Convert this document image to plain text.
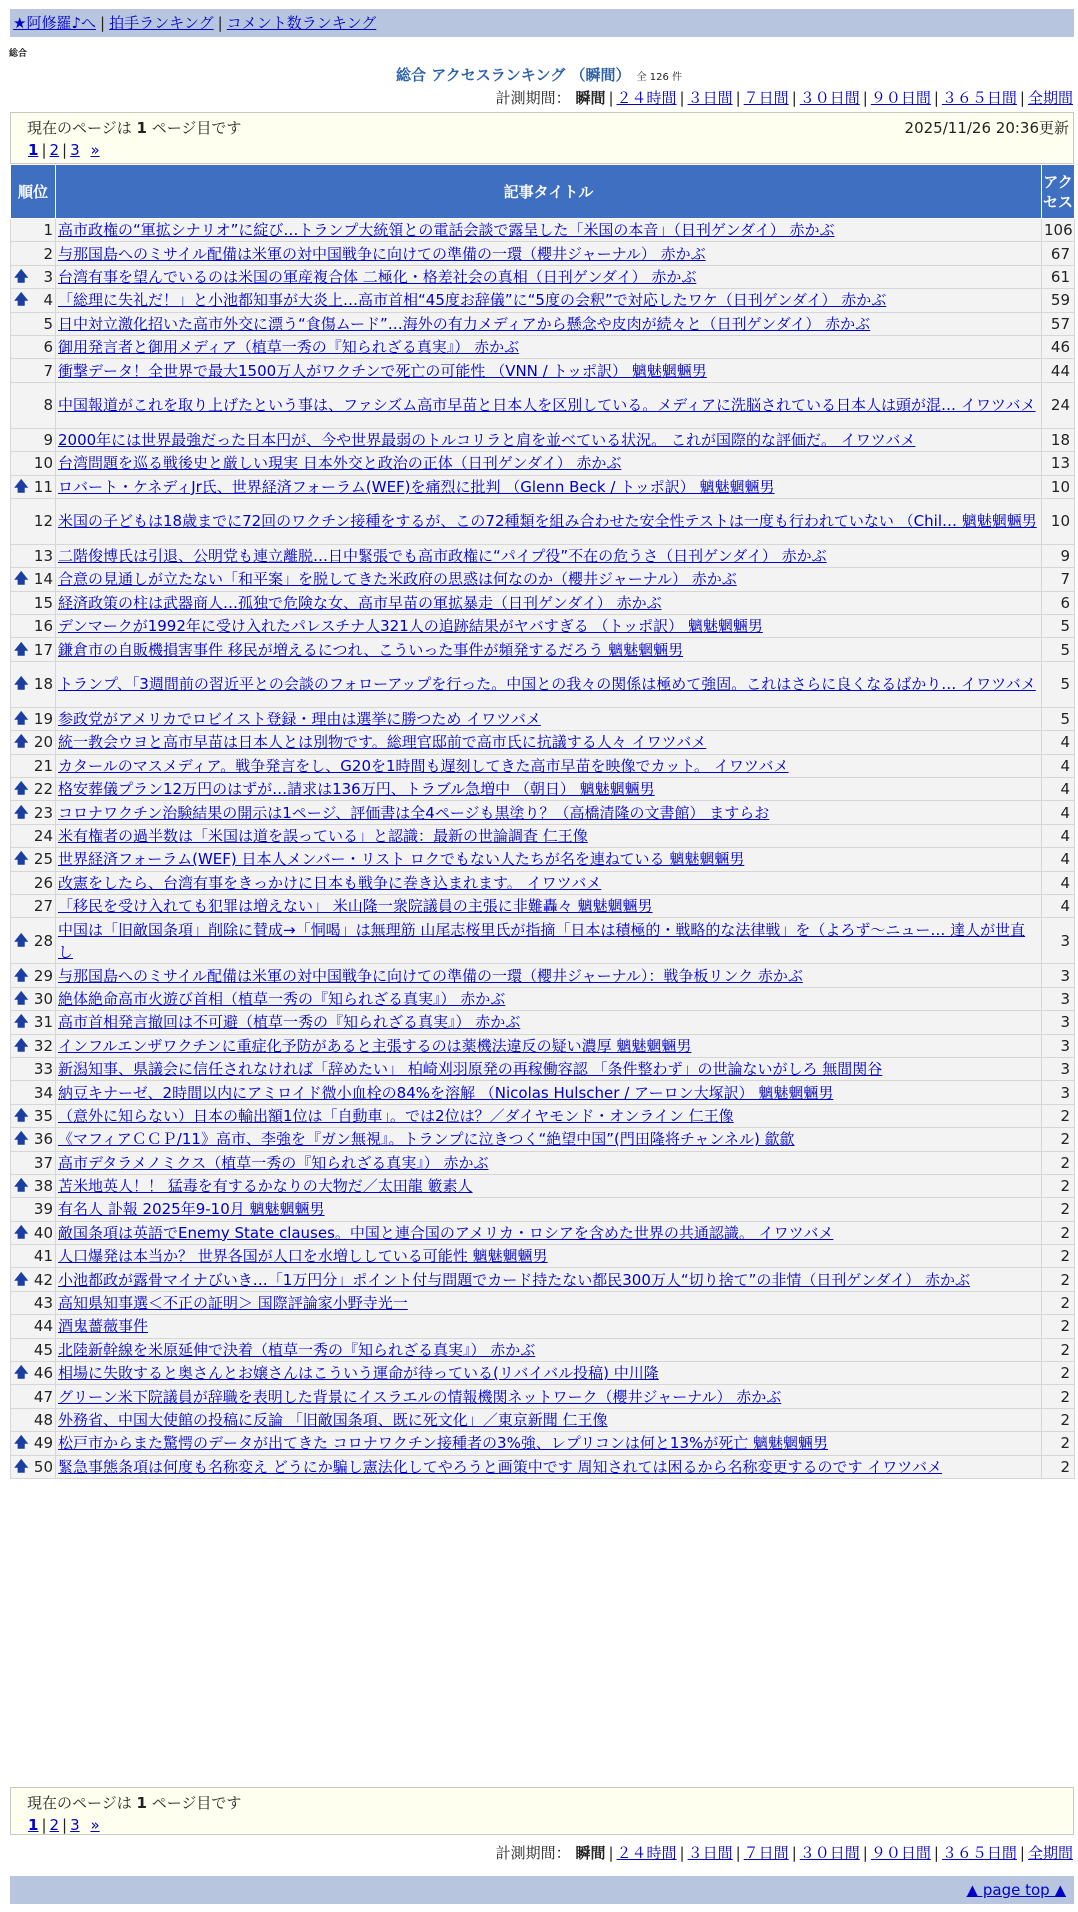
★阿修羅♪へ | 拍手ランキング | コメント数ランキング
総合
総合 アクセスランキング （瞬間） 全 126 件
計測期間： 瞬間 | ２４時間 | ３日間 | ７日間 | ３０日間 | ９０日間 | ３６５日間 | 全期間
現在のページは 1 ページ目です	2025/11/26 20:36更新
1 | 2 | 3 »
順位	記事タイトル	アクセス
1	高市政権の“軍拡シナリオ”に綻び…トランプ大統領との電話会談で露呈した「米国の本音」（日刊ゲンダイ） 赤かぶ	106
2	与那国島へのミサイル配備は米軍の対中国戦争に向けての準備の一環（櫻井ジャーナル） 赤かぶ	67

🡅 3	台湾有事を望んでいるのは米国の軍産複合体 二極化・格差社会の真相（日刊ゲンダイ） 赤かぶ	61

🡅 4	「総理に失礼だ！」と小池都知事が大炎上…高市首相“45度お辞儀”に“5度の会釈”で対応したワケ（日刊ゲンダイ） 赤かぶ	59
5	日中対立激化招いた高市外交に漂う“食傷ムード”…海外の有力メディアから懸念や皮肉が続々と（日刊ゲンダイ） 赤かぶ	57
6	御用発言者と御用メディア（植草一秀の『知られざる真実』） 赤かぶ	46
7	衝撃データ！全世界で最大1500万人がワクチンで死亡の可能性 （VNN / トッポ訳） 魑魅魍魎男	44
8	中国報道がこれを取り上げたという事は、ファシズム高市早苗と日本人を区別している。メディアに洗脳されている日本人は頭が混… イワツバメ	24
9	2000年には世界最強だった日本円が、今や世界最弱のトルコリラと肩を並べている状況。 これが国際的な評価だ。 イワツバメ	18
10	台湾問題を巡る戦後史と厳しい現実 日本外交と政治の正体（日刊ゲンダイ） 赤かぶ	13

🡅 11	ロバート・ケネディJr氏、世界経済フォーラム(WEF)を痛烈に批判 （Glenn Beck / トッポ訳） 魑魅魍魎男	10
12	米国の子どもは18歳までに72回のワクチン接種をするが、この72種類を組み合わせた安全性テストは一度も行われていない （Chil… 魑魅魍魎男	10
13	二階俊博氏は引退、公明党も連立離脱…日中緊張でも高市政権に“パイプ役”不在の危うさ（日刊ゲンダイ） 赤かぶ	9

🡅 14	合意の見通しが立たない「和平案」を脱してきた米政府の思惑は何なのか（櫻井ジャーナル） 赤かぶ	7
15	経済政策の柱は武器商人…孤独で危険な女、高市早苗の軍拡暴走（日刊ゲンダイ） 赤かぶ	6
16	デンマークが1992年に受け入れたパレスチナ人321人の追跡結果がヤバすぎる （トッポ訳） 魑魅魍魎男	5

🡅 17	鎌倉市の自販機損害事件 移民が増えるにつれ、こういった事件が頻発するだろう 魑魅魍魎男	5

🡅 18	トランプ、「3週間前の習近平との会談のフォローアップを行った。中国との我々の関係は極めて強固。これはさらに良くなるばかり… イワツバメ	5

🡅 19	参政党がアメリカでロビイスト登録・理由は選挙に勝つため イワツバメ	5

🡅 20	統一教会ウヨと高市早苗は日本人とは別物です。総理官邸前で高市氏に抗議する人々 イワツバメ	4
21	カタールのマスメディア。戦争発言をし、G20を1時間も遅刻してきた高市早苗を映像でカット。 イワツバメ	4

🡅 22	格安葬儀プラン12万円のはずが…請求は136万円、トラブル急増中 （朝日） 魑魅魍魎男	4

🡅 23	コロナワクチン治験結果の開示は1ページ、評価書は全4ページも黒塗り？（高橋清隆の文書館） ますらお	4
24	米有権者の過半数は「米国は道を誤っている」と認識：最新の世論調査 仁王像	4

🡅 25	世界経済フォーラム(WEF) 日本人メンバー・リスト ロクでもない人たちが名を連ねている 魑魅魍魎男	4
26	改憲をしたら、台湾有事をきっかけに日本も戦争に巻き込まれます。 イワツバメ	4
27	「移民を受け入れても犯罪は増えない」 米山隆一衆院議員の主張に非難轟々 魑魅魍魎男	4

🡅 28	中国は「旧敵国条項」削除に賛成→「恫喝」は無理筋 山尾志桜里氏が指摘「日本は積極的・戦略的な法律戦」を（よろず〜ニュー… 達人が世直し	3

🡅 29	与那国島へのミサイル配備は米軍の対中国戦争に向けての準備の一環（櫻井ジャーナル）：戦争板リンク 赤かぶ	3

🡅 30	絶体絶命高市火遊び首相（植草一秀の『知られざる真実』） 赤かぶ	3

🡅 31	高市首相発言撤回は不可避（植草一秀の『知られざる真実』） 赤かぶ	3

🡅 32	インフルエンザワクチンに重症化予防があると主張するのは薬機法違反の疑い濃厚 魑魅魍魎男	3
33	新潟知事、県議会に信任されなければ「辞めたい」 柏崎刈羽原発の再稼働容認 「条件整わず」の世論ないがしろ 無間関谷	3
34	納豆キナーゼ、2時間以内にアミロイド微小血栓の84%を溶解 （Nicolas Hulscher / アーロン大塚訳） 魑魅魍魎男	3

🡅 35	（意外に知らない）日本の輸出額1位は「自動車」。では2位は？／ダイヤモンド・オンライン 仁王像	2

🡅 36	《マフィアＣＣＰ/11》高市、李強を『ガン無視』。トランプに泣きつく“絶望中国”(門田隆将チャンネル) 歙歙	2
37	高市デタラメノミクス（植草一秀の『知られざる真実』） 赤かぶ	2

🡅 38	苫米地英人！！ 猛毒を有するかなりの大物だ／太田龍 籔素人	2
39	有名人 訃報 2025年9-10月 魑魅魍魎男	2

🡅 40	敵国条項は英語でEnemy State clauses。中国と連合国のアメリカ・ロシアを含めた世界の共通認識。 イワツバメ	2
41	人口爆発は本当か？ 世界各国が人口を水増ししている可能性 魑魅魍魎男	2

🡅 42	小池都政が露骨マイナびいき…「1万円分」ポイント付与問題でカード持たない都民300万人“切り捨て”の非情（日刊ゲンダイ） 赤かぶ	2
43	高知県知事選＜不正の証明＞ 国際評論家小野寺光一	2
44	酒鬼薔薇事件	2
45	北陸新幹線を米原延伸で決着（植草一秀の『知られざる真実』） 赤かぶ	2

🡅 46	相場に失敗すると奥さんとお嬢さんはこういう運命が待っている(リバイバル投稿) 中川隆	2
47	グリーン米下院議員が辞職を表明した背景にイスラエルの情報機関ネットワーク（櫻井ジャーナル） 赤かぶ	2
48	外務省、中国大使館の投稿に反論 「旧敵国条項、既に死文化」／東京新聞 仁王像	2

🡅 49	松戸市からまた驚愕のデータが出てきた コロナワクチン接種者の3%強、レプリコンは何と13%が死亡 魑魅魍魎男	2

🡅 50	緊急事態条項は何度も名称変え どうにか騙し憲法化してやろうと画策中です 周知されては困るから名称変更するのです イワツバメ	2
現在のページは 1 ページ目です
1 | 2 | 3 »
計測期間： 瞬間 | ２４時間 | ３日間 | ７日間 | ３０日間 | ９０日間 | ３６５日間 | 全期間
▲ page top ▲
